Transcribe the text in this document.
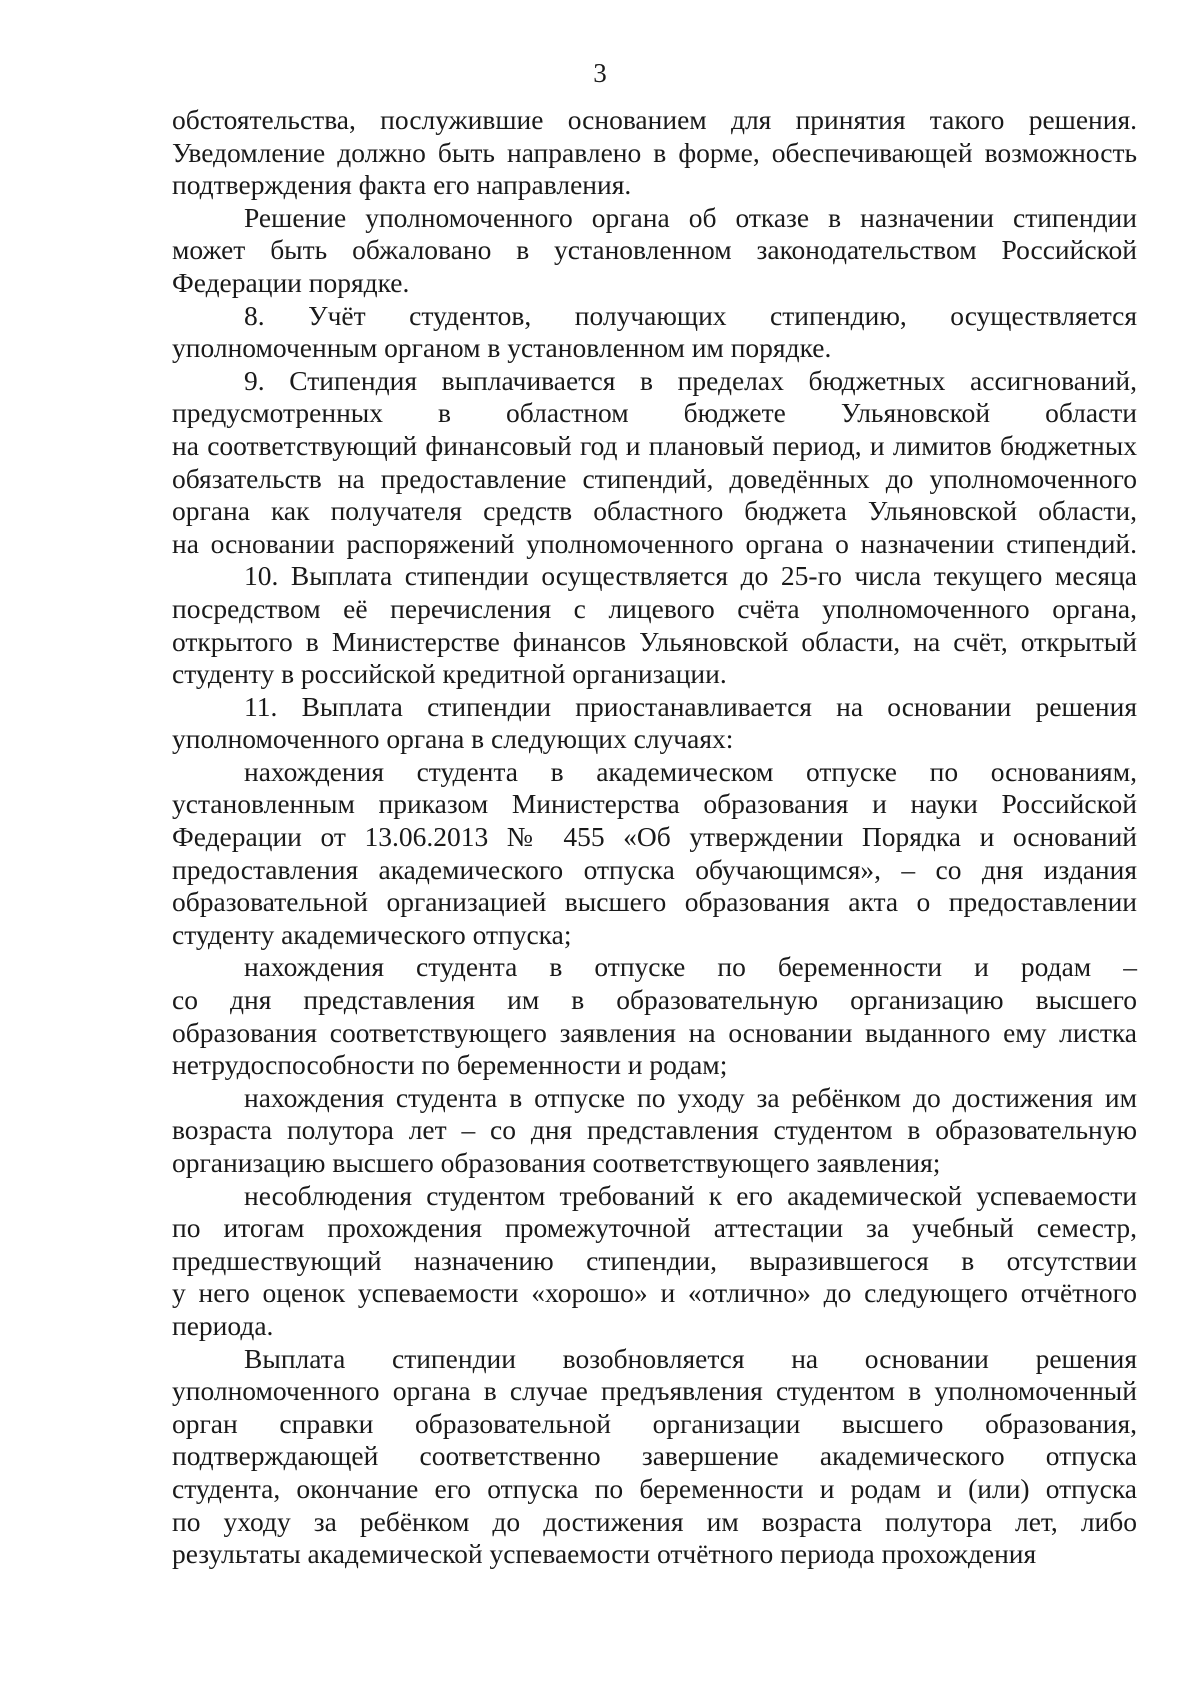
3

обстоятельства, послужившие основанием для принятия такого решения.
Уведомление должно быть направлено в форме, обеспечивающей возможность
подтверждения факта его направления.

Решение уполномоченного органа об отказе в назначении стипендии
может быть обжаловано в установленном законодательством Российской
Федерации порядке.

8. Учёт студентов, получающих стипендию, осуществляется
уполномоченным органом в установленном им порядке.

9. Стипендия выплачивается в пределах бюджетных ассигнований,
предусмотренных в областном бюджете Ульяновской области
на соответствующий финансовый год и плановый период, и лимитов бюджетных
обязательств на предоставление стипендий, доведённых до уполномоченного
органа как получателя средств областного бюджета Ульяновской области,
на основании распоряжений уполномоченного органа о назначении стипендий.

10. Выплата стипендии осуществляется до 25-го числа текущего месяца
посредством её перечисления с лицевого счёта уполномоченного органа,
открытого в Министерстве финансов Ульяновской области, на счёт, открытый
студенту в российской кредитной организации.

11. Выплата стипендии приостанавливается на основании решения
уполномоченного органа в следующих случаях:

нахождения студента в академическом отпуске по основаниям,
установленным приказом Министерства образования и науки Российской
Федерации от 13.06.2013 № 455 «Об утверждении Порядка и оснований
предоставления академического отпуска обучающимся», – со дня издания
образовательной организацией высшего образования акта о предоставлении
студенту академического отпуска;

нахождения студента в отпуске по беременности и родам –
со дня представления им в образовательную организацию высшего
образования соответствующего заявления на основании выданного ему листка
нетрудоспособности по беременности и родам;

нахождения студента в отпуске по уходу за ребёнком до достижения им
возраста полутора лет – со дня представления студентом в образовательную
организацию высшего образования соответствующего заявления;

несоблюдения студентом требований к его академической успеваемости
по итогам прохождения промежуточной аттестации за учебный семестр,
предшествующий назначению стипендии, выразившегося в отсутствии
у него оценок успеваемости «хорошо» и «отлично» до следующего отчётного
периода.

Выплата стипендии возобновляется на основании решения
уполномоченного органа в случае предъявления студентом в уполномоченный
орган справки образовательной организации высшего образования,
подтверждающей соответственно завершение академического отпуска
студента, окончание его отпуска по беременности и родам и (или) отпуска
по уходу за ребёнком до достижения им возраста полутора лет, либо
результаты академической успеваемости отчётного периода прохождения
